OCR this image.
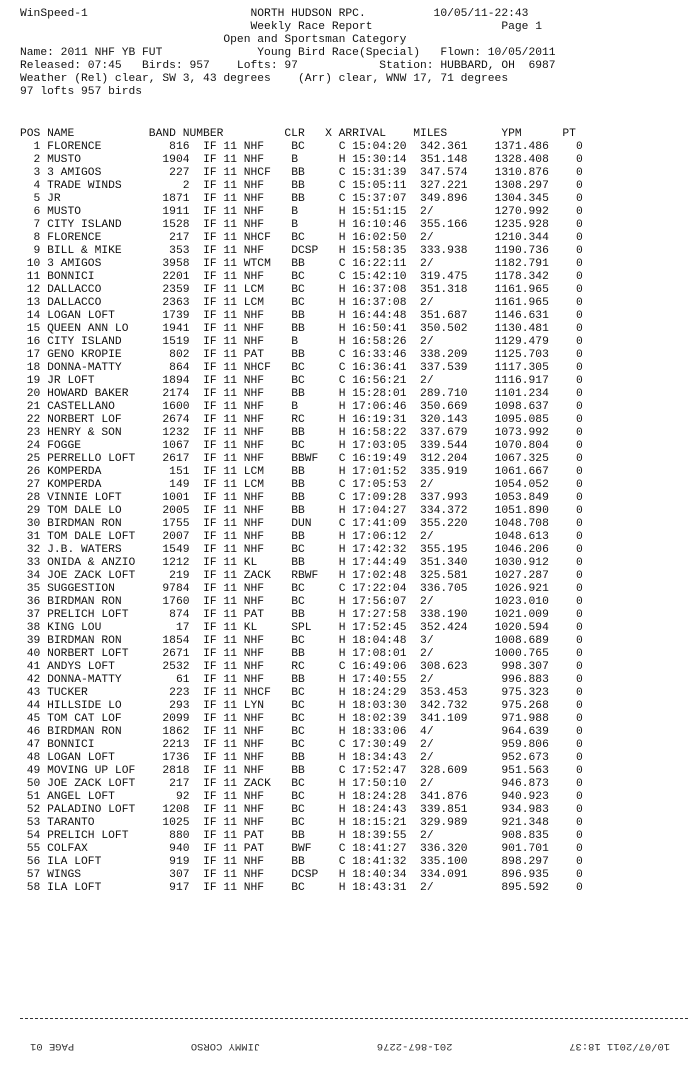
WinSpeed-1                        NORTH HUDSON RPC.          10/05/11-22:43
Weekly Race Report                   Page 1
Open and Sportsman Category
Name: 2011 NHF YB FUT              Young Bird Race(Special)   Flown: 10/05/2011
Released: 07:45   Birds: 957    Lofts: 97            Station: HUBBARD, OH  6987
Weather (Rel) clear, SW 3, 43 degrees    (Arr) clear, WNW 17, 71 degrees
97 lofts 957 birds
POS NAME           BAND NUMBER         CLR   X ARRIVAL    MILES        YPM      PT
1 FLORENCE          816 IF 11 NHF    BC     C 15:04:20  342.361    1371.486    0
2 MUSTO            1904 IF 11 NHF    B      H 15:30:14  351.148    1328.408    0
3 3 AMIGOS          227 IF 11 NHCF   BB     C 15:31:39  347.574    1310.876    0
4 TRADE WINDS         2 IF 11 NHF    BB     C 15:05:11  327.221    1308.297    0
5 JR               1871 IF 11 NHF    BB     C 15:37:07  349.896    1304.345    0
6 MUSTO            1911 IF 11 NHF    B      H 15:51:15  2/         1270.992    0
7 CITY ISLAND      1528 IF 11 NHF    B      H 16:10:46  355.166    1235.928    0
8 FLORENCE          217 IF 11 NHCF   BC     H 16:02:50  2/         1210.344    0
9 BILL & MIKE       353 IF 11 NHF    DCSP   H 15:58:35  333.938    1190.736    0
10 3 AMIGOS         3958 IF 11 WTCM   BB     C 16:22:11  2/         1182.791    0
11 BONNICI          2201 IF 11 NHF    BC     C 15:42:10  319.475    1178.342    0
12 DALLACCO         2359 IF 11 LCM    BC     H 16:37:08  351.318    1161.965    0
13 DALLACCO         2363 IF 11 LCM    BC     H 16:37:08  2/         1161.965    0
14 LOGAN LOFT       1739 IF 11 NHF    BB     H 16:44:48  351.687    1146.631    0
15 QUEEN ANN LO     1941 IF 11 NHF    BB     H 16:50:41  350.502    1130.481    0
16 CITY ISLAND      1519 IF 11 NHF    B      H 16:58:26  2/         1129.479    0
17 GENO KROPIE       802 IF 11 PAT    BB     C 16:33:46  338.209    1125.703    0
18 DONNA-MATTY       864 IF 11 NHCF   BC     C 16:36:41  337.539    1117.305    0
19 JR LOFT          1894 IF 11 NHF    BC     C 16:56:21  2/         1116.917    0
20 HOWARD BAKER     2174 IF 11 NHF    BB     H 15:28:01  289.710    1101.234    0
21 CASTELLANO       1600 IF 11 NHF    B      H 17:06:46  350.669    1098.637    0
22 NORBERT LOF      2674 IF 11 NHF    RC     H 16:19:31  320.143    1095.085    0
23 HENRY & SON      1232 IF 11 NHF    BB     H 16:58:22  337.679    1073.992    0
24 FOGGE            1067 IF 11 NHF    BC     H 17:03:05  339.544    1070.804    0
25 PERRELLO LOFT    2617 IF 11 NHF    BBWF   C 16:19:49  312.204    1067.325    0
26 KOMPERDA          151 IF 11 LCM    BB     H 17:01:52  335.919    1061.667    0
27 KOMPERDA          149 IF 11 LCM    BB     C 17:05:53  2/         1054.052    0
28 VINNIE LOFT      1001 IF 11 NHF    BB     C 17:09:28  337.993    1053.849    0
29 TOM DALE LO      2005 IF 11 NHF    BB     H 17:04:27  334.372    1051.890    0
30 BIRDMAN RON      1755 IF 11 NHF    DUN    C 17:41:09  355.220    1048.708    0
31 TOM DALE LOFT    2007 IF 11 NHF    BB     H 17:06:12  2/         1048.613    0
32 J.B. WATERS      1549 IF 11 NHF    BC     H 17:42:32  355.195    1046.206    0
33 ONIDA & ANZIO    1212 IF 11 KL     BB     H 17:44:49  351.340    1030.912    0
34 JOE ZACK LOFT     219 IF 11 ZACK   RBWF   H 17:02:48  325.581    1027.287    0
35 SUGGESTION       9784 IF 11 NHF    BC     C 17:22:04  336.705    1026.921    0
36 BIRDMAN RON      1760 IF 11 NHF    BC     H 17:56:07  2/         1023.010    0
37 PRELICH LOFT      874 IF 11 PAT    BB     H 17:27:58  338.190    1021.009    0
38 KING LOU           17 IF 11 KL     SPL    H 17:52:45  352.424    1020.594    0
39 BIRDMAN RON      1854 IF 11 NHF    BC     H 18:04:48  3/         1008.689    0
40 NORBERT LOFT     2671 IF 11 NHF    BB     H 17:08:01  2/         1000.765    0
41 ANDYS LOFT       2532 IF 11 NHF    RC     C 16:49:06  308.623     998.307    0
42 DONNA-MATTY        61 IF 11 NHF    BB     H 17:40:55  2/          996.883    0
43 TUCKER            223 IF 11 NHCF   BC     H 18:24:29  353.453     975.323    0
44 HILLSIDE LO       293 IF 11 LYN    BC     H 18:03:30  342.732     975.268    0
45 TOM CAT LOF      2099 IF 11 NHF    BC     H 18:02:39  341.109     971.988    0
46 BIRDMAN RON      1862 IF 11 NHF    BC     H 18:33:06  4/          964.639    0
47 BONNICI          2213 IF 11 NHF    BC     C 17:30:49  2/          959.806    0
48 LOGAN LOFT       1736 IF 11 NHF    BB     H 18:34:43  2/          952.673    0
49 MOVING UP LOF    2818 IF 11 NHF    BB     C 17:52:47  328.609     951.563    0
50 JOE ZACK LOFT     217 IF 11 ZACK   BC     H 17:50:10  2/          946.873    0
51 ANGEL LOFT         92 IF 11 NHF    BC     H 18:24:28  341.876     940.923    0
52 PALADINO LOFT    1208 IF 11 NHF    BC     H 18:24:43  339.851     934.983    0
53 TARANTO          1025 IF 11 NHF    BC     H 18:15:21  329.989     921.348    0
54 PRELICH LOFT      880 IF 11 PAT    BB     H 18:39:55  2/          908.835    0
55 COLFAX            940 IF 11 PAT    BWF    C 18:41:27  336.320     901.701    0
56 ILA LOFT          919 IF 11 NHF    BB     C 18:41:32  335.100     898.297    0
57 WINGS             307 IF 11 NHF    DCSP   H 18:40:34  334.091     896.935    0
58 ILA LOFT          917 IF 11 NHF    BC     H 18:43:31  2/          895.592    0
10/07/2011 18:37
201-867-2276
JIMMY CORSO
PAGE 01
